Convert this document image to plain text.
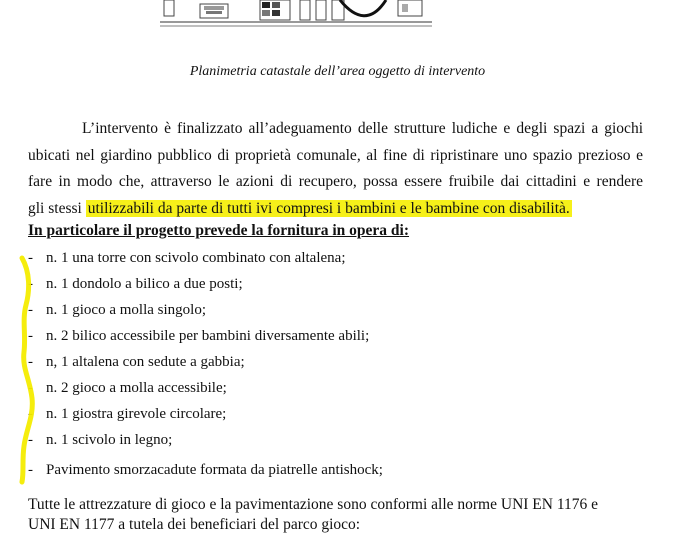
Planimetria catastale dell’area oggetto di intervento
L’intervento è finalizzato all’adeguamento delle strutture ludiche e degli spazi a giochi
ubicati nel giardino pubblico di proprietà comunale, al fine di ripristinare uno spazio prezioso e
fare in modo che, attraverso le azioni di recupero, possa essere fruibile dai cittadini e rendere
gli stessi utilizzabili da parte di tutti ivi compresi i bambini e le bambine con disabilità.
In particolare il progetto prevede la fornitura in opera di:
- n. 1 una torre con scivolo combinato con altalena;
- n. 1 dondolo a bilico a due posti;
- n. 1 gioco a molla singolo;
- n. 2 bilico accessibile per bambini diversamente abili;
- n, 1 altalena con sedute a gabbia;
- n. 2 gioco a molla accessibile;
- n. 1 giostra girevole circolare;
- n. 1 scivolo in legno;
- Pavimento smorzacadute formata da piatrelle antishock;
Tutte le attrezzature di gioco e la pavimentazione sono conformi alle norme UNI EN 1176 e
UNI EN 1177 a tutela dei beneficiari del parco gioco:
